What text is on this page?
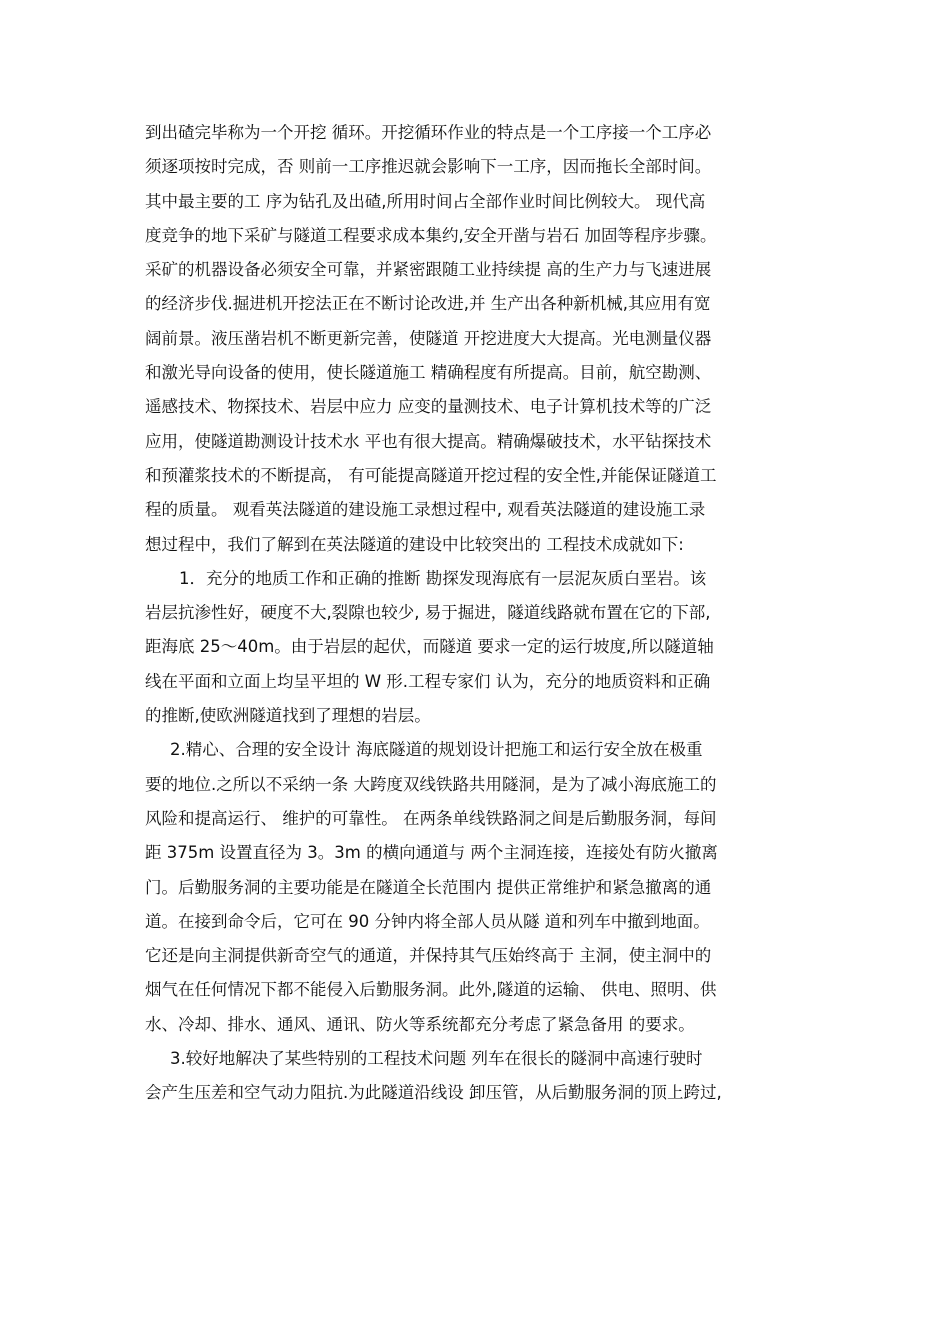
到出碴完毕称为一个开挖 循环。开挖循环作业的特点是一个工序接一个工序必
须逐项按时完成，否 则前一工序推迟就会影响下一工序，因而拖长全部时间。
其中最主要的工 序为钻孔及出碴,所用时间占全部作业时间比例较大。 现代高
度竞争的地下采矿与隧道工程要求成本集约,安全开凿与岩石 加固等程序步骤。
采矿的机器设备必须安全可靠，并紧密跟随工业持续提 高的生产力与飞速进展
的经济步伐.掘进机开挖法正在不断讨论改进,并 生产出各种新机械,其应用有宽
阔前景。液压凿岩机不断更新完善，使隧道 开挖进度大大提高。光电测量仪器
和激光导向设备的使用，使长隧道施工 精确程度有所提高。目前，航空勘测、
遥感技术、物探技术、岩层中应力 应变的量测技术、电子计算机技术等的广泛
应用，使隧道勘测设计技术水 平也有很大提高。精确爆破技术，水平钻探技术
和预灌浆技术的不断提高， 有可能提高隧道开挖过程的安全性,并能保证隧道工
程的质量。 观看英法隧道的建设施工录想过程中, 观看英法隧道的建设施工录
想过程中，我们了解到在英法隧道的建设中比较突出的 工程技术成就如下:
1．充分的地质工作和正确的推断 勘探发现海底有一层泥灰质白垩岩。该
岩层抗渗性好，硬度不大,裂隙也较少, 易于掘进，隧道线路就布置在它的下部,
距海底 25～40m。由于岩层的起伏，而隧道 要求一定的运行坡度,所以隧道轴
线在平面和立面上均呈平坦的 W 形.工程专家们 认为，充分的地质资料和正确
的推断,使欧洲隧道找到了理想的岩层。
2.精心、合理的安全设计 海底隧道的规划设计把施工和运行安全放在极重
要的地位.之所以不采纳一条 大跨度双线铁路共用隧洞，是为了减小海底施工的
风险和提高运行、 维护的可靠性。 在两条单线铁路洞之间是后勤服务洞，每间
距 375m 设置直径为 3。3m 的横向通道与 两个主洞连接，连接处有防火撤离
门。后勤服务洞的主要功能是在隧道全长范围内 提供正常维护和紧急撤离的通
道。在接到命令后，它可在 90 分钟内将全部人员从隧 道和列车中撤到地面。
它还是向主洞提供新奇空气的通道，并保持其气压始终高于 主洞，使主洞中的
烟气在任何情况下都不能侵入后勤服务洞。此外,隧道的运输、 供电、照明、供
水、冷却、排水、通风、通讯、防火等系统都充分考虑了紧急备用 的要求。
3.较好地解决了某些特别的工程技术问题 列车在很长的隧洞中高速行驶时
会产生压差和空气动力阻抗.为此隧道沿线设 卸压管，从后勤服务洞的顶上跨过,
